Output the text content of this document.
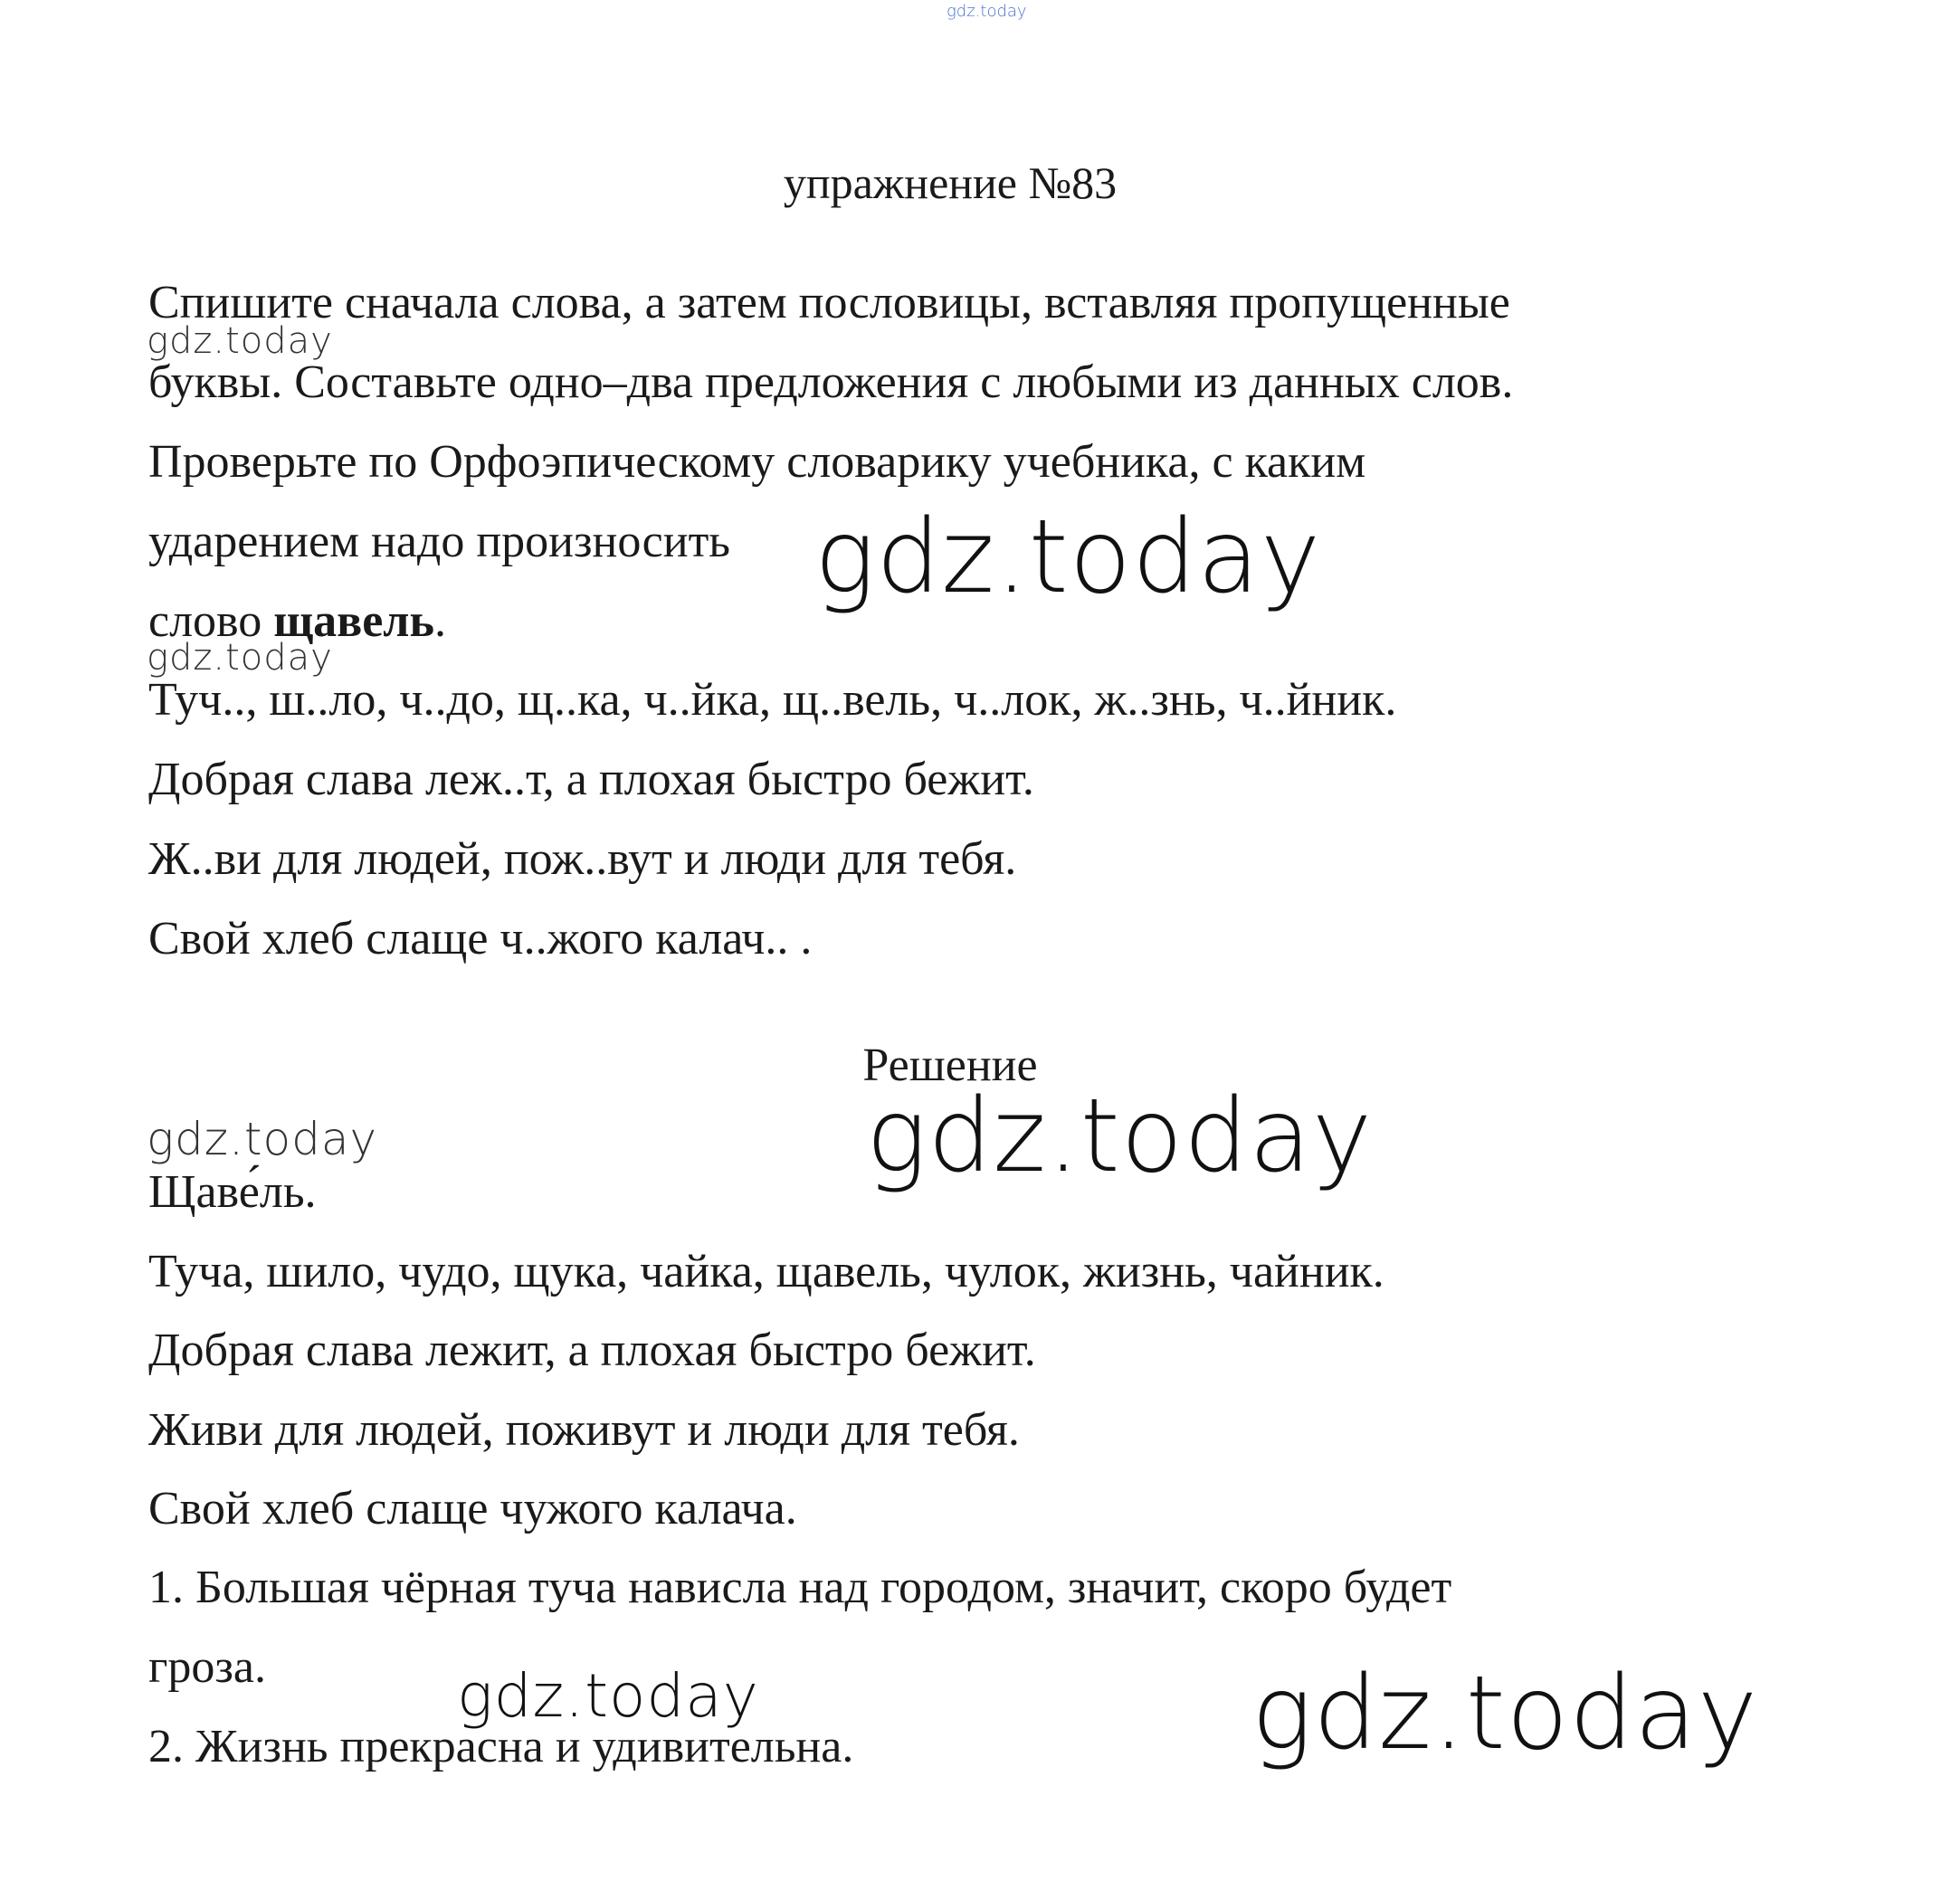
gdz.today
gdz.today
gdz.today
gdz.today
gdz.today
gdz.today
gdz.today
gdz.today
упражнение №83
Спишите сначала слова, а затем пословицы, вставляя пропущенные
буквы. Составьте одно–два предложения с любыми из данных слов.
Проверьте по Орфоэпическому словарику учебника, с каким
ударением надо произносить
слово щавель.
Туч.., ш..ло, ч..до, щ..ка, ч..йка, щ..вель, ч..лок, ж..знь, ч..йник.
Добрая слава леж..т, а плохая быстро бежит.
Ж..ви для людей, пож..вут и люди для тебя.
Свой хлеб слаще ч..жого калач.. .
Решение
Щаве́ль.
Туча, шило, чудо, щука, чайка, щавель, чулок, жизнь, чайник.
Добрая слава лежит, а плохая быстро бежит.
Живи для людей, поживут и люди для тебя.
Свой хлеб слаще чужого калача.
1. Большая чёрная туча нависла над городом, значит, скоро будет
гроза.
2. Жизнь прекрасна и удивительна.
